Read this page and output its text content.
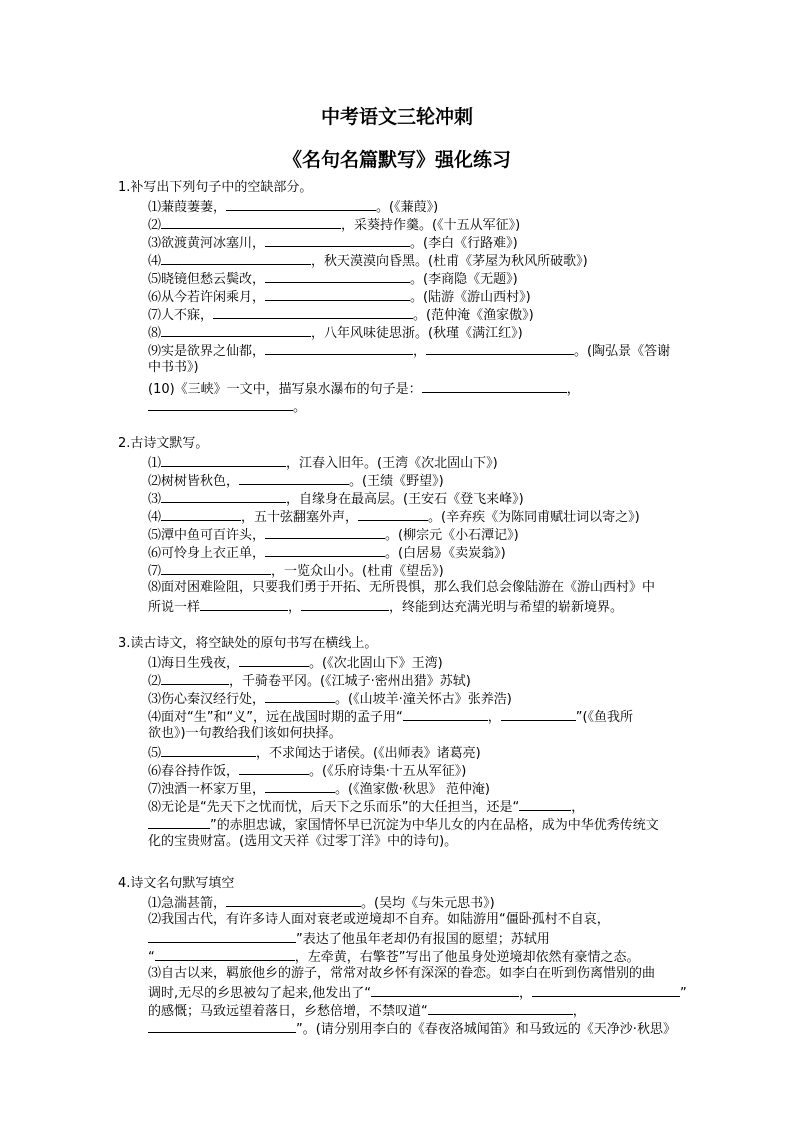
中考语文三轮冲刺
《名句名篇默写》强化练习
1.补写出下列句子中的空缺部分。
⑴蒹葭萋萋，	。(《蒹葭》)
⑵	，采葵持作羹。(《十五从军征》)
⑶欲渡黄河冰塞川，	。(李白《行路难》)
⑷	，秋天漠漠向昏黑。(杜甫《茅屋为秋风所破歌》)
⑸晓镜但愁云鬓改，	。(李商隐《无题》)
⑹从今若许闲乘月，	。(陆游《游山西村》)
⑺人不寐，	。(范仲淹《渔家傲》)
⑻	，八年风味徒思浙。(秋瑾《满江红》)
⑼实是欲界之仙都，	，	。(陶弘景《答谢
中书书》)
(10)《三峡》一文中，描写泉水瀑布的句子是：	，
。
2.古诗文默写。
⑴	，江春入旧年。(王湾《次北固山下》)
⑵树树皆秋色，	。(王绩《野望》)
⑶	，自缘身在最高层。(王安石《登飞来峰》)
⑷	，五十弦翻塞外声，	。(辛弃疾《为陈同甫赋壮词以寄之》)
⑸潭中鱼可百许头，	。(柳宗元《小石潭记》)
⑹可怜身上衣正单，	。(白居易《卖炭翁》)
⑺	，一览众山小。(杜甫《望岳》)
⑻面对困难险阻，只要我们勇于开拓、无所畏惧，那么我们总会像陆游在《游山西村》中
所说一样	，	，终能到达充满光明与希望的崭新境界。
3.读古诗文，将空缺处的原句书写在横线上。
⑴海日生残夜，	。(《次北固山下》王湾)
⑵	，千骑卷平冈。(《江城子·密州出猎》苏轼)
⑶伤心秦汉经行处，	。(《山坡羊·潼关怀古》张养浩)
⑷面对“生”和“义”，远在战国时期的孟子用“	，	”(《鱼我所
欲也》)一句教给我们该如何抉择。
⑸	，不求闻达于诸侯。(《出师表》诸葛亮)
⑹春谷持作饭，	。(《乐府诗集·十五从军征》)
⑺浊酒一杯家万里，	。(《渔家傲·秋思》 范仲淹)
⑻无论是“先天下之忧而忧，后天下之乐而乐”的大任担当，还是“	，
”的赤胆忠诚，家国情怀早已沉淀为中华儿女的内在品格，成为中华优秀传统文
化的宝贵财富。(选用文天祥《过零丁洋》中的诗句)。
4.诗文名句默写填空
⑴急湍甚箭，	。(吴均《与朱元思书》)
⑵我国古代，有许多诗人面对衰老或逆境却不自弃。如陆游用“僵卧孤村不自哀，
”表达了他虽年老却仍有报国的愿望；苏轼用
“	，左牵黄，右擎苍”写出了他虽身处逆境却依然有豪情之态。
⑶自古以来，羁旅他乡的游子，常常对故乡怀有深深的眷恋。如李白在听到伤离惜别的曲
调时,无尽的乡思被勾了起来,他发出了“	，	”
的感慨；马致远望着落日，乡愁倍增，不禁叹道“	，
”。(请分别用李白的《春夜洛城闻笛》和马致远的《天净沙·秋思》
